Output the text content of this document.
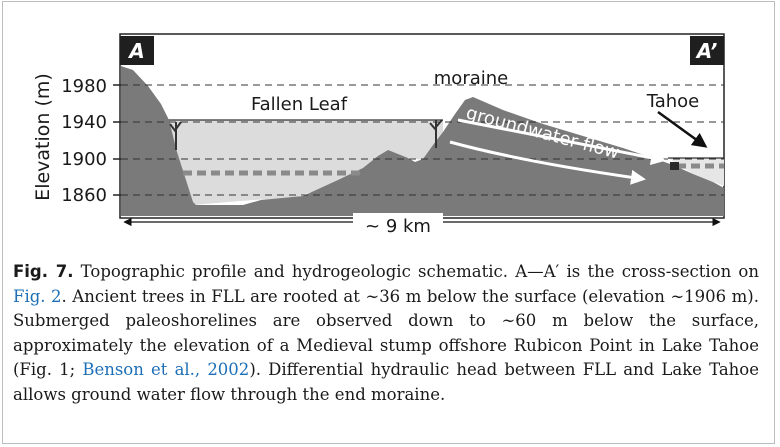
A	A’
Elevation (m) 1980
1940
1900
1860
moraine
Fallen Leaf	Tahoe
groundwater flow
~ 9 km
Fig. 7. Topographic profile and hydrogeologic schematic. A—A′ is the cross-section on Fig. 2. Ancient trees in FLL are rooted at ∼36 m below the surface (elevation ∼1906 m). Submerged paleoshorelines are observed down to ∼60 m below the surface, approximately the elevation of a Medieval stump offshore Rubicon Point in Lake Tahoe (Fig. 1; Benson et al., 2002). Differential hydraulic head between FLL and Lake Tahoe allows ground water flow through the end moraine.
